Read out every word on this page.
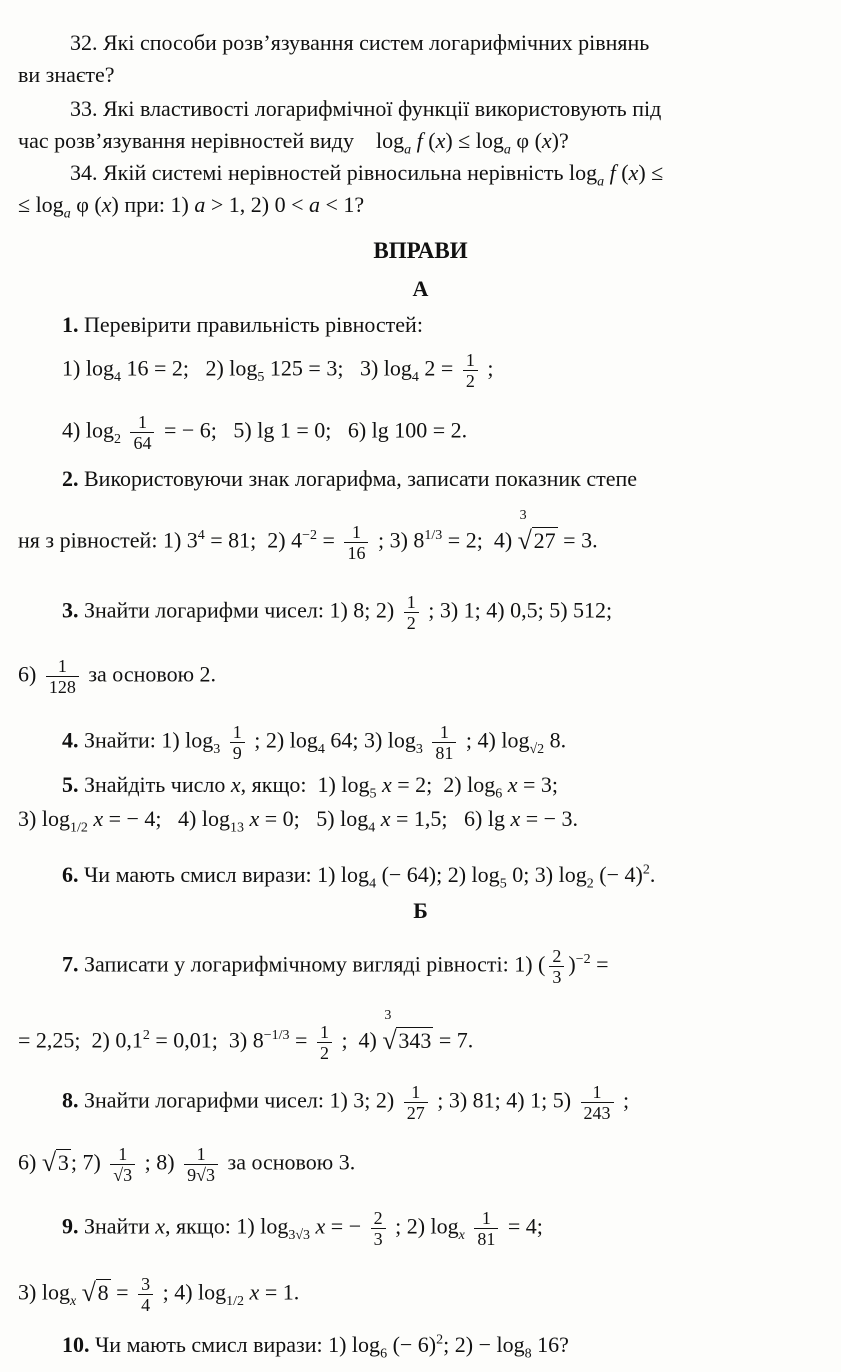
32. Які способи розв’язування систем логарифмічних рівнянь
ви знаєте?
33. Які властивості логарифмічної функції використовують під
час розв’язування нерівностей виду    $\log_a f$ $(x) \le \log_a \varphi$ (x)?
34. Якій системі нерівностей рівносильна нерівність $\log_a f$ (x) ≤
≤ $\log_a \varphi$ (x) при: 1) a > 1, 2) 0 < a < 1?
ВПРАВИ
А
1. Перевірити правильність рівностей:
1) $\log_4 16 = 2$;   2) $\log_5 125 = 3$;   3) $\log_4 2 = \frac{1}{2}$ ;
4) $\log_2 \frac{1}{64}$ = − 6;   5) lg 1 = 0;   6) lg 100 = 2.
2. Використовуючи знак логарифма, записати показник степе
ня з рівностей: 1) $3^4 = 81$;  2) $4^{-2} = \frac{1}{16}$ ; 3) $8^{1/3} = 2$;  4)
√ 3
27 = 3.
3. Знайти логарифми чисел: 1) 8; $2) \frac{1}{2}$ ; 3) 1; 4) 0,5; 5) 512;
$6) \frac{1}{128}$ за основою 2.
4. Знайти: 1) $\log_3 \frac{1}{9}$ ; 2) $\log_4 64$; 3) $\log_3 \frac{1}{81}$ ; 4) $\log_{√2} 8$.
5. Знайдіть число x, якщо:  1) $\log_5 x = 2$;  2) $\log_6 x = 3$;
3) $\log_{1/2} x$ = − 4;   4) $\log_{13} x = 0$;   5) $\log_4 x = 1,5$;   6) lg x = − 3.
6. Чи мають смисл вирази: 1) $\log_4$ (− 64); 2) $\log_5 0$; 3) $\log_2$ (− 4)$^2$.
Б
7. Записати у логарифмічному вигляді рівності: 1) ( $\frac{2}{3} )^{-2}$ =
= 2,25;  2) $0,1^2 = 0,01$;  3) $8^{-1/3} = \frac{1}{2}$ ;  4)
√ 3
343 = 7.
8. Знайти логарифми чисел: 1) 3; $2) \frac{1}{27}$ ; 3) 81; 4) 1; $5) \frac{1}{243}$ ;
6) √ 3; $7) \frac{1}{√3}$ ; $8) \frac{1}{9√3}$ за основою 3.
9. Знайти x, якщо: 1) $\log_{3√3} x$ = − $\frac{2}{3}$ ; 2) $\log_x \frac{1}{81} = 4$;
3) $\log_x$ √ $8 = \frac{3}{4}$ ; 4) $\log_{1/2} x = 1$.
10. Чи мають смисл вирази: 1) $\log_6$ (− 6)$^2$; $2) - \log_8 16$?
